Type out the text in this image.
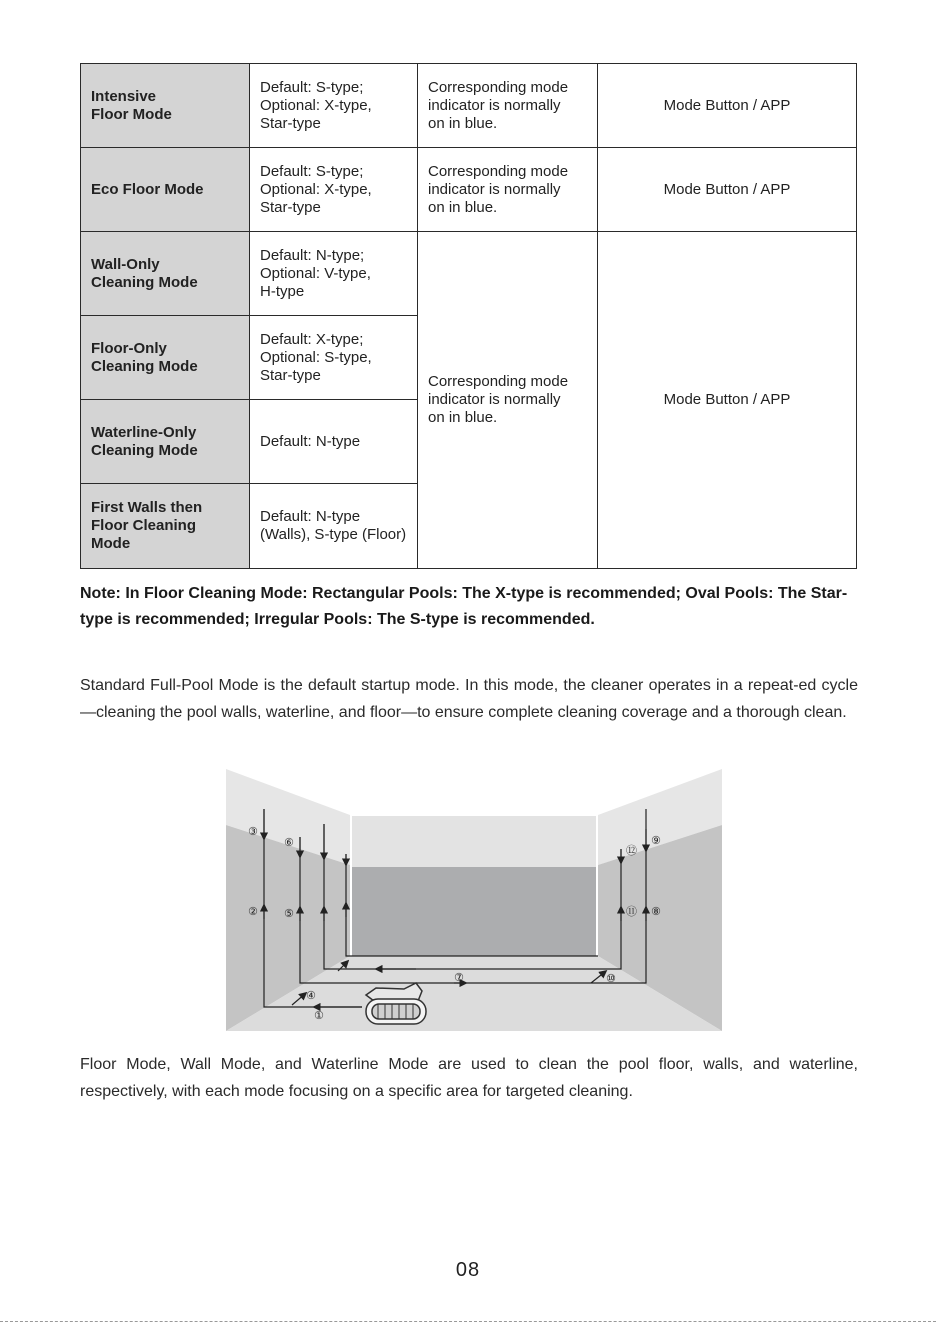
Intensive
Floor Mode	Default: S-type;
Optional: X-type,
Star-type	Corresponding mode
indicator is normally
on in blue.	Mode Button / APP
Eco Floor Mode	Default: S-type;
Optional: X-type,
Star-type	Corresponding mode
indicator is normally
on in blue.	Mode Button / APP
Wall-Only
Cleaning Mode	Default: N-type;
Optional: V-type,
H-type	Corresponding mode
indicator is normally
on in blue.	Mode Button / APP
Floor-Only
Cleaning Mode	Default: X-type;
Optional: S-type,
Star-type		
Waterline-Only
Cleaning Mode	Default: N-type		
First Walls then
Floor Cleaning Mode	Default: N-type
(Walls), S-type (Floor)		
Note: In Floor Cleaning Mode: Rectangular Pools: The X-type is recommended; Oval Pools: The Star-type is recommended; Irregular Pools: The S-type is recommended.
Standard Full-Pool Mode is the default startup mode. In this mode, the cleaner operates in a repeat-ed cycle—cleaning the pool walls, waterline, and floor—to ensure complete cleaning coverage and a thorough clean.
①
②
③
④
⑤
⑥
⑦
⑧
⑨
⑩
⑪
⑫
Floor Mode, Wall Mode, and Waterline Mode are used to clean the pool floor, walls, and waterline, respectively, with each mode focusing on a specific area for targeted cleaning.
08
